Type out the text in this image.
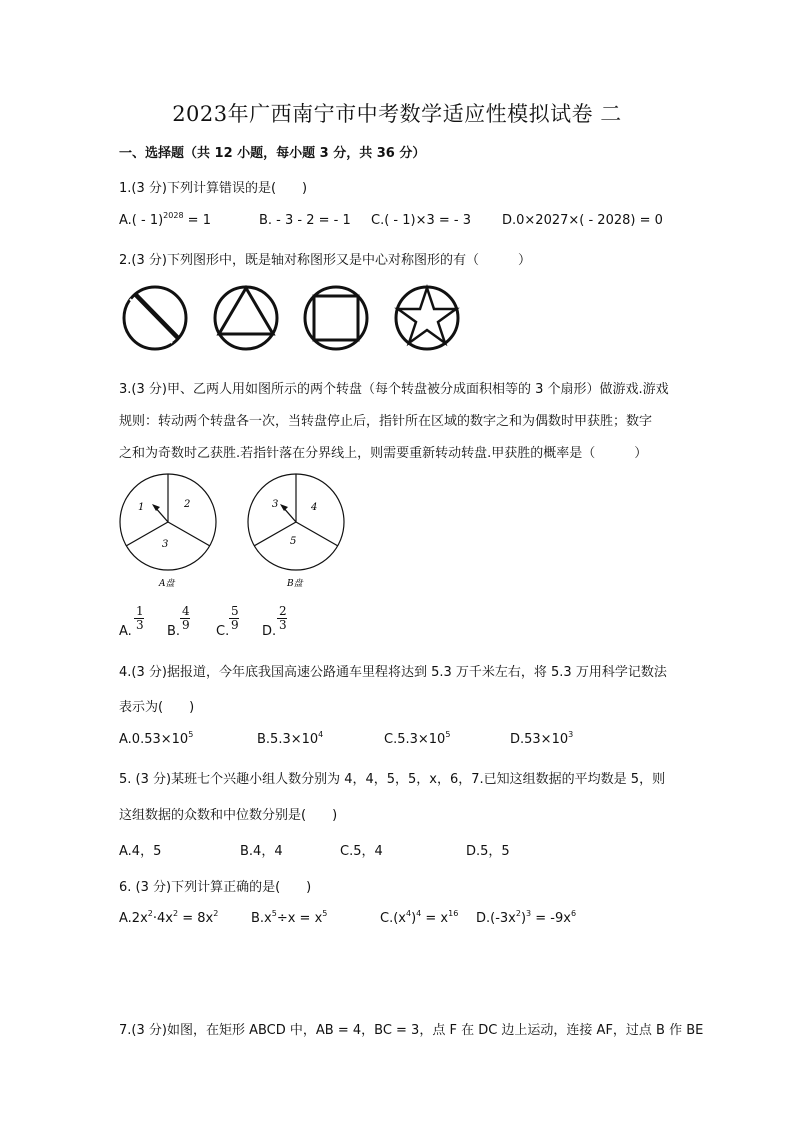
2023年广西南宁市中考数学适应性模拟试卷 二
一、选择题（共 12 小题，每小题 3 分，共 36 分）
1.(3 分)下列计算错误的是(　　)
A.( - 1)$^{2028}$ = 1	B. - 3 - 2 = - 1 C.( - 1)×3 = - 3 D.0×2027×( - 2028) = 0
2.(3 分)下列图形中，既是轴对称图形又是中心对称图形的有（　　　）
3.(3 分)甲、乙两人用如图所示的两个转盘（每个转盘被分成面积相等的 3 个扇形）做游戏.游戏
规则：转动两个转盘各一次，当转盘停止后，指针所在区域的数字之和为偶数时甲获胜；数字
之和为奇数时乙获胜.若指针落在分界线上，则需要重新转动转盘.甲获胜的概率是（　　　）
1	2
3
A盘
3	4
5
B盘
A.
1
3 B.
4
9 C.
5
9 D.
2
3
4.(3 分)据报道，今年底我国高速公路通车里程将达到 5.3 万千米左右，将 5.3 万用科学记数法
表示为(　　)
$A.0.53\times 10^5$	$B.5.3\times 10^4$	$C.5.3\times 10^5$	$D.53\times 10^3$
5. (3 分)某班七个兴趣小组人数分别为 4，4，5，5，x，6，7.已知这组数据的平均数是 5，则
这组数据的众数和中位数分别是(　　)
A.4，5	B.4，4	C.5，4	D.5，5
6. (3 分)下列计算正确的是(　　)
$A.2x^2\cdot 4x^2 = 8x^2$	$B.x^5\div x = x^5$	$C.(x^4)^4 = x^{16}$ $D.(-3x^2)^3 = -9x^6$
7.(3 分)如图，在矩形 ABCD 中，AB = 4，BC = 3，点 F 在 DC 边上运动，连接 AF，过点 B 作 BE
